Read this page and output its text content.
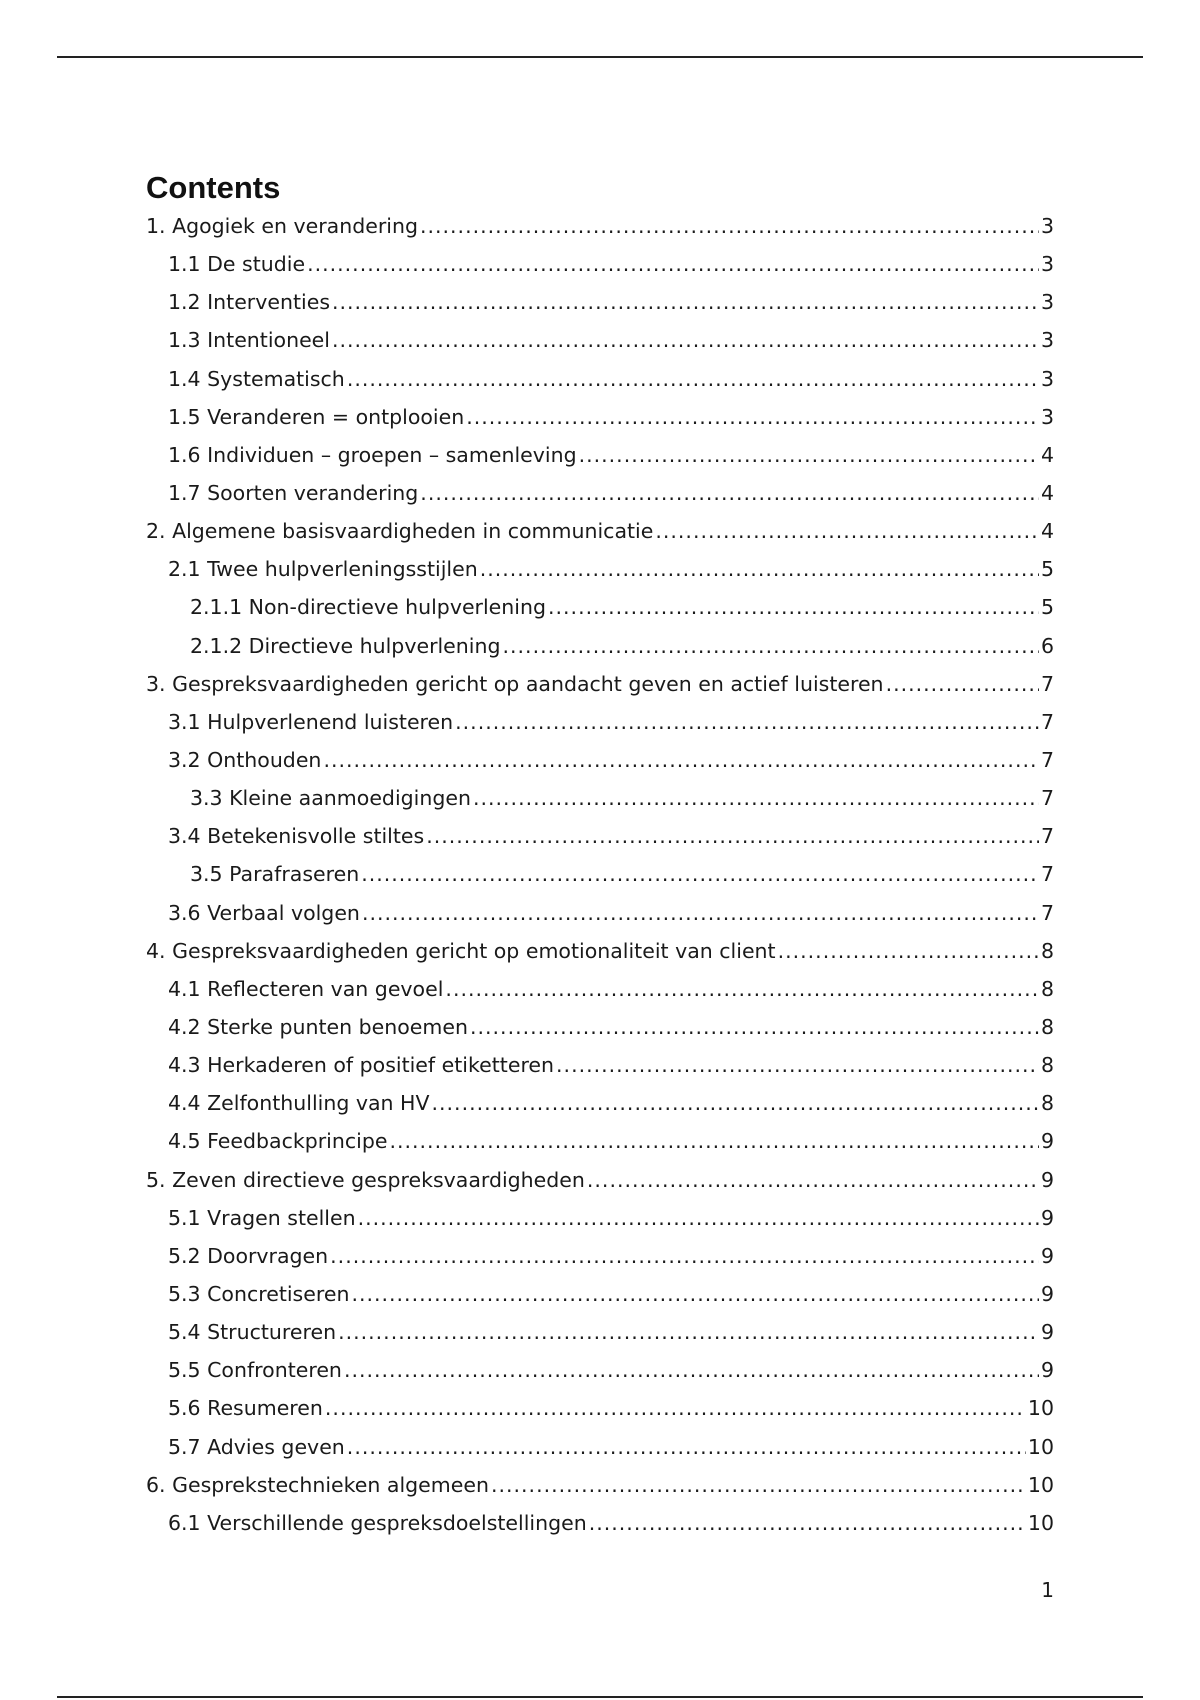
Contents
1. Agogiek en verandering .....	3
1.1 De studie .....	3
1.2 Interventies .....	3
1.3 Intentioneel .....	3
1.4 Systematisch .....	3
1.5 Veranderen = ontplooien .....	3
1.6 Individuen – groepen – samenleving .....	4
1.7 Soorten verandering .....	4
2. Algemene basisvaardigheden in communicatie .....	4
2.1 Twee hulpverleningsstijlen .....	5
2.1.1 Non-directieve hulpverlening .....	5
2.1.2 Directieve hulpverlening .....	6
3. Gespreksvaardigheden gericht op aandacht geven en actief luisteren .....	7
3.1 Hulpverlenend luisteren .....	7
3.2 Onthouden .....	7
3.3 Kleine aanmoedigingen .....	7
3.4 Betekenisvolle stiltes .....	7
3.5 Parafraseren .....	7
3.6 Verbaal volgen .....	7
4. Gespreksvaardigheden gericht op emotionaliteit van client .....	8
4.1 Reflecteren van gevoel .....	8
4.2 Sterke punten benoemen .....	8
4.3 Herkaderen of positief etiketteren .....	8
4.4 Zelfonthulling van HV .....	8
4.5 Feedbackprincipe .....	9
5. Zeven directieve gespreksvaardigheden .....	9
5.1 Vragen stellen .....	9
5.2 Doorvragen .....	9
5.3 Concretiseren .....	9
5.4 Structureren .....	9
5.5 Confronteren .....	9
5.6 Resumeren .....	10
5.7 Advies geven .....	10
6. Gesprekstechnieken algemeen .....	10
6.1 Verschillende gespreksdoelstellingen .....	10
1
